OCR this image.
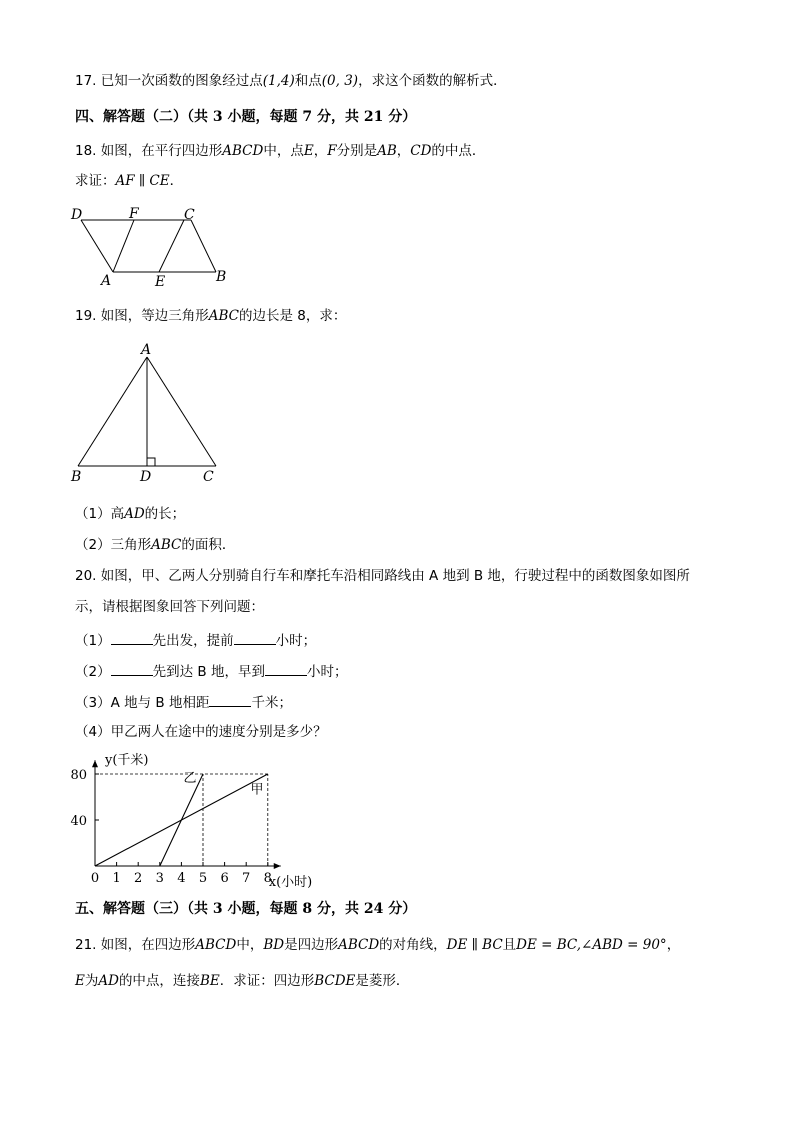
17. 已知一次函数的图象经过点(1,4)和点(0, 3)，求这个函数的解析式．
四、解答题（二）（共 3 小题，每题 7 分，共 21 分）
18. 如图，在平行四边形ABCD中，点E，F分别是AB，CD的中点．
求证：AF ∥ CE．
D	F	C
A	E	B
19. 如图，等边三角形ABC的边长是 8，求：
A
B	D	C
（1）高AD的长；
（2）三角形ABC的面积．
20. 如图，甲、乙两人分别骑自行车和摩托车沿相同路线由 A 地到 B 地，行驶过程中的函数图象如图所
示，请根据图象回答下列问题：
（1）	先出发，提前	小时；
（2）	先到达 B 地，早到	小时；
（3）A 地与 B 地相距	千米；
（4）甲乙两人在途中的速度分别是多少？
0 1 2 3 4 5 6 7 8
40
80
y(千米)
x(小时)
甲
乙
五、解答题（三）（共 3 小题，每题 8 分，共 24 分）
21. 如图，在四边形ABCD中，BD是四边形ABCD的对角线，DE ∥ BC且DE = BC,∠ABD = 90°，
E为AD的中点，连接BE．求证：四边形BCDE是菱形．
